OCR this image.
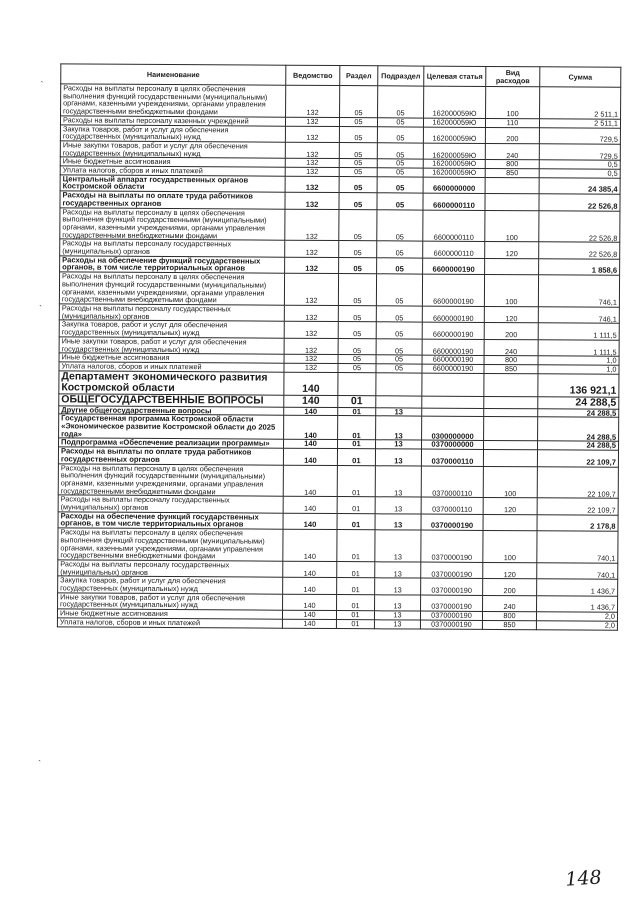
Наименование	Ведомство	Раздел	Подраздел	Целевая статья	Вид расходов	Сумма
Расходы на выплаты персоналу в целях обеспечения выполнения функций государственными (муниципальными) органами, казенными учреждениями, органами управления государственными внебюджетными фондами	132	05	05	162000059Ю	100	2 511,1
Расходы на выплаты персоналу казенных учреждений	132	05	05	162000059Ю	110	2 511,1
Закупка товаров, работ и услуг для обеспечения государственных (муниципальных) нужд	132	05	05	162000059Ю	200	729,5
Иные закупки товаров, работ и услуг для обеспечения государственных (муниципальных) нужд	132	05	05	162000059Ю	240	729,5
Иные бюджетные ассигнования	132	05	05	162000059Ю	800	0,5
Уплата налогов, сборов и иных платежей	132	05	05	162000059Ю	850	0,5
Центральный аппарат государственных органов Костромской области	132	05	05	6600000000		24 385,4
Расходы на выплаты по оплате труда работников государственных органов	132	05	05	6600000110		22 526,8
Расходы на выплаты персоналу в целях обеспечения выполнения функций государственными (муниципальными) органами, казенными учреждениями, органами управления государственными внебюджетными фондами	132	05	05	6600000110	100	22 526,8
Расходы на выплаты персоналу государственных (муниципальных) органов	132	05	05	6600000110	120	22 526,8
Расходы на обеспечение функций государственных органов, в том числе территориальных органов	132	05	05	6600000190		1 858,6
Расходы на выплаты персоналу в целях обеспечения выполнения функций государственными (муниципальными) органами, казенными учреждениями, органами управления государственными внебюджетными фондами	132	05	05	6600000190	100	746,1
Расходы на выплаты персоналу государственных (муниципальных) органов	132	05	05	6600000190	120	746,1
Закупка товаров, работ и услуг для обеспечения государственных (муниципальных) нужд	132	05	05	6600000190	200	1 111,5
Иные закупки товаров, работ и услуг для обеспечения государственных (муниципальных) нужд	132	05	05	6600000190	240	1 111,5
Иные бюджетные ассигнования	132	05	05	6600000190	800	1,0
Уплата налогов, сборов и иных платежей	132	05	05	6600000190	850	1,0
Департамент экономического развития Костромской области	140					136 921,1
ОБЩЕГОСУДАРСТВЕННЫЕ ВОПРОСЫ	140	01				24 288,5
Другие общегосударственные вопросы	140	01	13			24 288,5
Государственная программа Костромской области «Экономическое развитие Костромской области до 2025 года»	140	01	13	0300000000		24 288,5
Подпрограмма «Обеспечение реализации программы»	140	01	13	0370000000		24 288,5
Расходы на выплаты по оплате труда работников государственных органов	140	01	13	0370000110		22 109,7
Расходы на выплаты персоналу в целях обеспечения выполнения функций государственными (муниципальными) органами, казенными учреждениями, органами управления государственными внебюджетными фондами	140	01	13	0370000110	100	22 109,7
Расходы на выплаты персоналу государственных (муниципальных) органов	140	01	13	0370000110	120	22 109,7
Расходы на обеспечение функций государственных органов, в том числе территориальных органов	140	01	13	0370000190		2 178,8
Расходы на выплаты персоналу в целях обеспечения выполнения функций государственными (муниципальными) органами, казенными учреждениями, органами управления государственными внебюджетными фондами	140	01	13	0370000190	100	740,1
Расходы на выплаты персоналу государственных (муниципальных) органов	140	01	13	0370000190	120	740,1
Закупка товаров, работ и услуг для обеспечения государственных (муниципальных) нужд	140	01	13	0370000190	200	1 436,7
Иные закупки товаров, работ и услуг для обеспечения государственных (муниципальных) нужд	140	01	13	0370000190	240	1 436,7
Иные бюджетные ассигнования	140	01	13	0370000190	800	2,0
Уплата налогов, сборов и иных платежей	140	01	13	0370000190	850	2,0
ˋ
ˋ
ˋ
148
